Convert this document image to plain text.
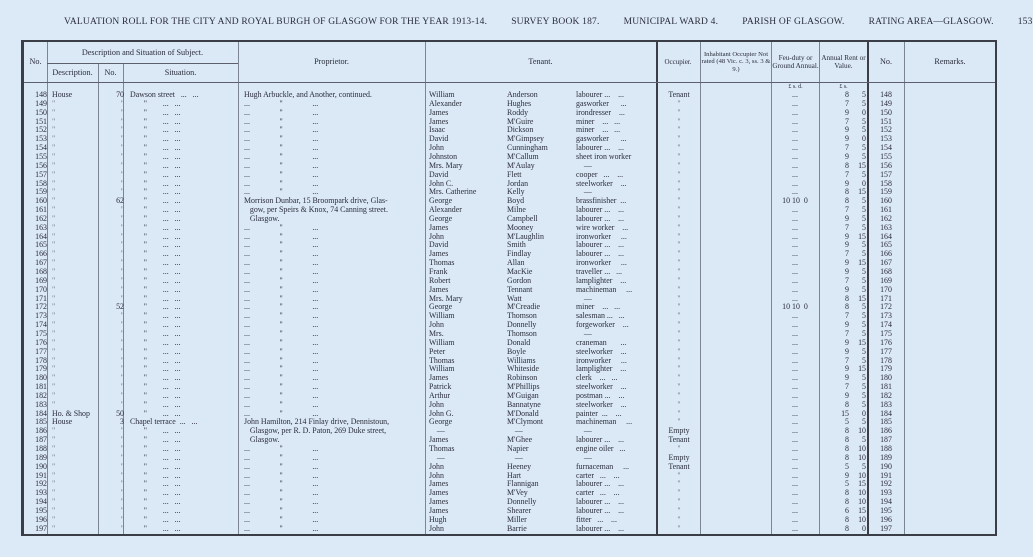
VALUATION ROLL FOR THE CITY AND ROYAL BURGH OF GLASGOW FOR THE YEAR 1913-14.	SURVEY BOOK 187.	MUNICIPAL WARD 4.	PARISH OF GLASGOW.	RATING AREA—GLASGOW.	153
No.
Description and Situation of Subject.
Description.	No.	Situation.
Proprietor.	Tenant.	Occupier.
Inhabitant Occupier Not rated (48 Vic. c. 3, ss. 3 & 9.)
Feu-duty or Ground Annual.
Annual Rent or Value.	No.	Remarks.
£ s. d.	£ s.
148 House	70 Dawson street   ...   ...	Hugh Arbuckle, and Another, continued.	William	Anderson	labourer ...    ...	Tenant	...	8	5	148
149 "	" "        ...   ...	...               "               ...	Alexander	Hughes	gasworker      ...	"	...	7	5	149
150 "	" "        ...   ...	...               "               ...	James	Roddy	irondresser    ...	"	...	9	0	150
151 "	" "        ...   ...	...               "               ...	James	M'Guire	miner    ...   ...	"	...	7	5	151
152 "	" "        ...   ...	...               "               ...	Isaac	Dickson	miner    ...   ...	"	...	9	5	152
153 "	" "        ...   ...	...               "               ...	David	M'Gimpsey	gasworker      ...	"	...	9	0	153
154 "	" "        ...   ...	...               "               ...	John	Cunningham	labourer ...    ...	"	...	7	5	154
155 "	" "        ...   ...	...               "               ...	Johnston	M'Callum	sheet iron worker	"	...	9	5	155
156 "	" "        ...   ...	...               "               ...	Mrs. Mary	M'Aulay	—	"	...	8	15	156
157 "	" "        ...   ...	...               "               ...	David	Flett	cooper   ...    ...	"	...	7	5	157
158 "	" "        ...   ...	...               "               ...	John C.	Jordan	steelworker    ...	"	...	9	0	158
159 "	" "        ...   ...	...               "               ...	Mrs. Catherine	Kelly	—	"	...	8	15	159
160 "	62 "        ...   ...	Morrison Dunbar, 15 Broompark drive, Glas-	George	Boyd	brassfinisher  ...	"	10 10  0	8	5	160
161 "	" "        ...   ...	gow, per Speirs & Knox, 74 Canning street.	Alexander	Milne	labourer ...    ...	"	...	7	5	161
162 "	" "        ...   ...	Glasgow.	George	Campbell	labourer ...    ...	"	...	9	5	162
163 "	" "        ...   ...	...               "               ...	James	Mooney	wire worker    ...	"	...	7	5	163
164 "	" "        ...   ...	...               "               ...	John	M'Laughlin	ironworker     ...	"	...	9	15	164
165 "	" "        ...   ...	...               "               ...	David	Smith	labourer ...    ...	"	...	9	5	165
166 "	" "        ...   ...	...               "               ...	James	Findlay	labourer ...    ...	"	...	7	5	166
167 "	" "        ...   ...	...               "               ...	Thomas	Allan	ironworker     ...	"	...	9	15	167
168 "	" "        ...   ...	...               "               ...	Frank	MacKie	traveller ...   ...	"	...	9	5	168
169 "	" "        ...   ...	...               "               ...	Robert	Gordon	lamplighter    ...	"	...	7	5	169
170 "	" "        ...   ...	...               "               ...	James	Tennant	machineman     ...	"	...	9	5	170
171 "	" "        ...   ...	...               "               ...	Mrs. Mary	Watt	—	"	...	8	15	171
172 "	52 "        ...   ...	...               "               ...	George	M'Creadie	miner    ...   ...	"	10 10  0	8	5	172
173 "	" "        ...   ...	...               "               ...	William	Thomson	salesman ...   ...	"	...	7	5	173
174 "	" "        ...   ...	...               "               ...	John	Donnelly	forgeworker    ...	"	...	9	5	174
175 "	" "        ...   ...	...               "               ...	Mrs.	Thomson	—	"	...	7	5	175
176 "	" "        ...   ...	...               "               ...	William	Donald	craneman       ...	"	...	9	15	176
177 "	" "        ...   ...	...               "               ...	Peter	Boyle	steelworker    ...	"	...	9	5	177
178 "	" "        ...   ...	...               "               ...	Thomas	Williams	ironworker     ...	"	...	7	5	178
179 "	" "        ...   ...	...               "               ...	William	Whiteside	lamplighter    ...	"	...	9	15	179
180 "	" "        ...   ...	...               "               ...	James	Robinson	clerk    ...   ...	"	...	9	5	180
181 "	" "        ...   ...	...               "               ...	Patrick	M'Phillips	steelworker    ...	"	...	7	5	181
182 "	" "        ...   ...	...               "               ...	Arthur	M'Guigan	postman ...    ...	"	...	9	5	182
183 "	" "        ...   ...	...               "               ...	John	Bannatyne	steelworker    ...	"	...	8	5	183
184 Ho. & Shop	50 "        ...   ...	...               "               ...	John G.	M'Donald	painter  ...    ...	"	...	15	0	184
185 House	3 Chapel terrace  ...   ...	John Hamilton, 214 Finlay drive, Dennistoun,	George	M'Clymont	machineman     ...	"	...	5	5	185
186 "	" "        ...   ...	Glasgow, per R. D. Paton, 269 Duke street,	—	—	—	Empty	...	8	10	186
187 "	" "        ...   ...	Glasgow.	James	M'Ghee	labourer ...    ...	Tenant	...	8	5	187
188 "	" "        ...   ...	...               "               ...	Thomas	Napier	engine oiler   ...	"	...	8	10	188
189 "	" "        ...   ...	...               "               ...	—	—	—	Empty	...	8	10	189
190 "	" "        ...   ...	...               "               ...	John	Heeney	furnaceman     ...	Tenant	...	5	5	190
191 "	" "        ...   ...	...               "               ...	John	Hart	carter   ...    ...	"	...	9	10	191
192 "	" "        ...   ...	...               "               ...	James	Flannigan	labourer ...    ...	"	...	5	15	192
193 "	" "        ...   ...	...               "               ...	James	M'Vey	carter   ...    ...	"	...	8	10	193
194 "	" "        ...   ...	...               "               ...	James	Donnelly	labourer ...    ...	"	...	8	10	194
195 "	" "        ...   ...	...               "               ...	James	Shearer	labourer ...    ...	"	...	6	15	195
196 "	" "        ...   ...	...               "               ...	Hugh	Miller	fitter   ...    ...	"	...	8	10	196
197 "	" "        ...   ...	...               "               ...	John	Barrie	labourer ...    ...	"	...	8	0	197
